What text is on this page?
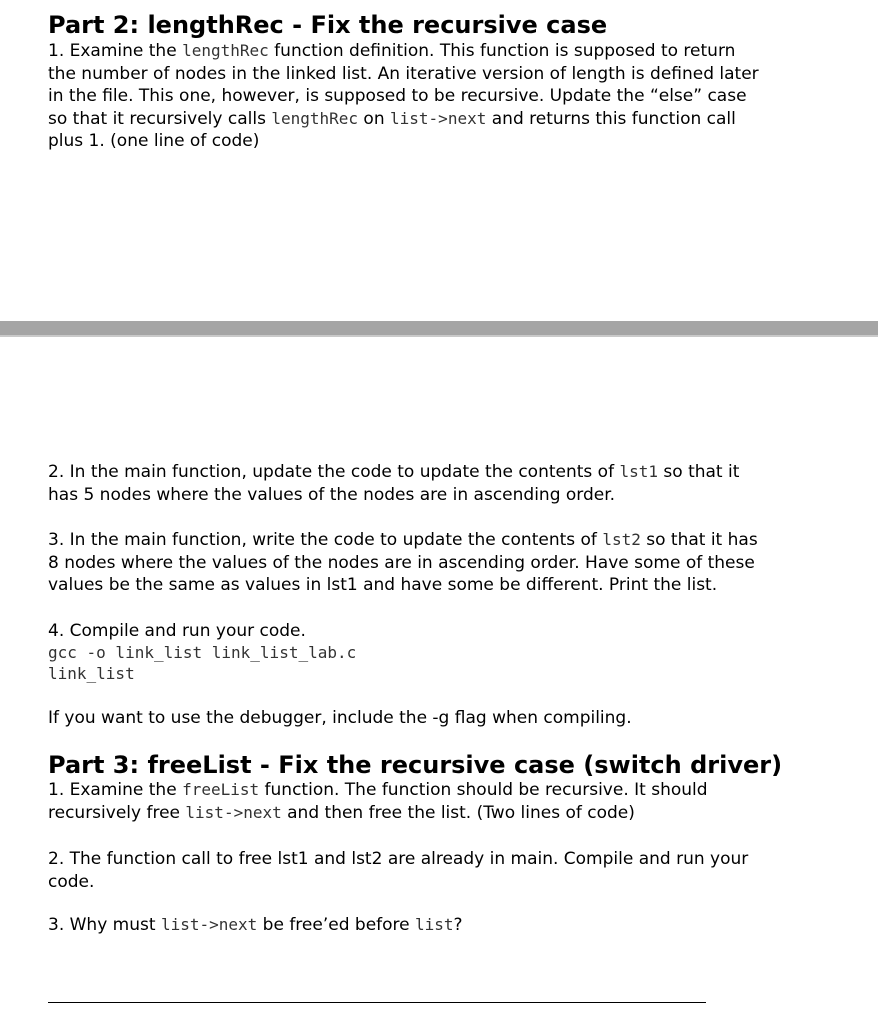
Part 2: lengthRec - Fix the recursive case
1. Examine the lengthRec function definition. This function is supposed to return
the number of nodes in the linked list. An iterative version of length is defined later
in the file. This one, however, is supposed to be recursive. Update the “else” case
so that it recursively calls lengthRec on list->next and returns this function call
plus 1. (one line of code)
2. In the main function, update the code to update the contents of lst1 so that it
has 5 nodes where the values of the nodes are in ascending order.
3. In the main function, write the code to update the contents of lst2 so that it has
8 nodes where the values of the nodes are in ascending order. Have some of these
values be the same as values in lst1 and have some be different. Print the list.
4. Compile and run your code.
gcc -o link_list link_list_lab.c
link_list
If you want to use the debugger, include the -g flag when compiling.
Part 3: freeList - Fix the recursive case (switch driver)
1. Examine the freeList function. The function should be recursive. It should
recursively free list->next and then free the list. (Two lines of code)
2. The function call to free lst1 and lst2 are already in main. Compile and run your
code.
3. Why must list->next be free’ed before list?
